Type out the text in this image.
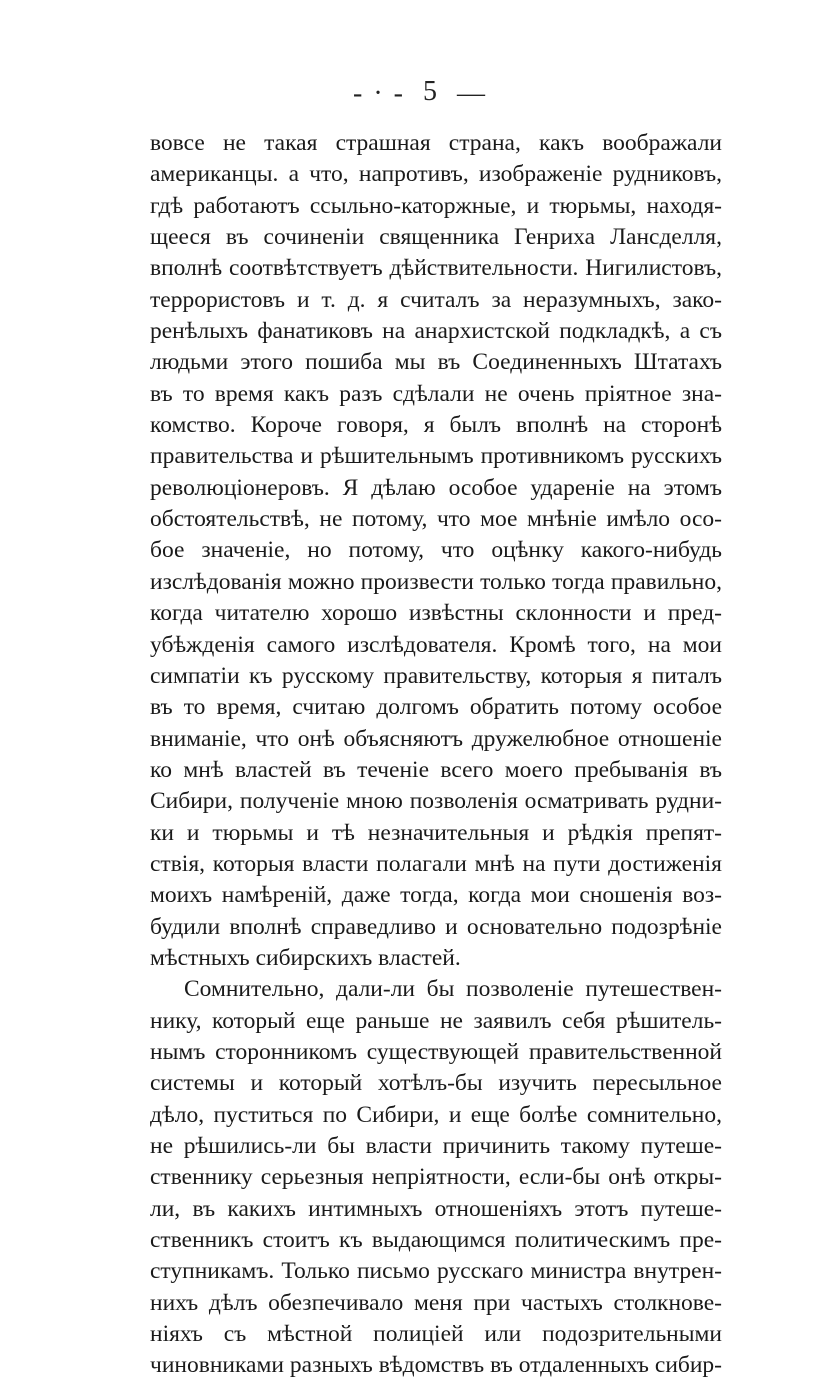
- · - 5 —
вовсе не такая страшная страна, какъ воображали
американцы. а что, напротивъ, изображеніе рудниковъ,
гдѣ работаютъ ссыльно-каторжные, и тюрьмы, находя-
щееся въ сочиненіи священника Генриха Лансделля,
вполнѣ соотвѣтствуетъ дѣйствительности. Нигилистовъ,
террористовъ и т. д. я считалъ за неразумныхъ, зако-
ренѣлыхъ фанатиковъ на анархистской подкладкѣ, а съ
людьми этого пошиба мы въ Соединенныхъ Штатахъ
въ то время какъ разъ сдѣлали не очень пріятное зна-
комство. Короче говоря, я былъ вполнѣ на сторонѣ
правительства и рѣшительнымъ противникомъ русскихъ
революціонеровъ. Я дѣлаю особое удареніе на этомъ
обстоятельствѣ, не потому, что мое мнѣніе имѣло осо-
бое значеніе, но потому, что оцѣнку какого-нибудь
изслѣдованія можно произвести только тогда правильно,
когда читателю хорошо извѣстны склонности и пред-
убѣжденія самого изслѣдователя. Кромѣ того, на мои
симпатіи къ русскому правительству, которыя я питалъ
въ то время, считаю долгомъ обратить потому особое
вниманіе, что онѣ объясняютъ дружелюбное отношеніе
ко мнѣ властей въ теченіе всего моего пребыванія въ
Сибири, полученіе мною позволенія осматривать рудни-
ки и тюрьмы и тѣ незначительныя и рѣдкія препят-
ствія, которыя власти полагали мнѣ на пути достиженія
моихъ намѣреній, даже тогда, когда мои сношенія воз-
будили вполнѣ справедливо и основательно подозрѣніе
мѣстныхъ сибирскихъ властей.
Сомнительно, дали-ли бы позволеніе путешествен-
нику, который еще раньше не заявилъ себя рѣшитель-
нымъ сторонникомъ существующей правительственной
системы и который хотѣлъ-бы изучить пересыльное
дѣло, пуститься по Сибири, и еще болѣе сомнительно,
не рѣшились-ли бы власти причинить такому путеше-
ственнику серьезныя непріятности, если-бы онѣ откры-
ли, въ какихъ интимныхъ отношеніяхъ этотъ путеше-
ственникъ стоитъ къ выдающимся политическимъ пре-
ступникамъ. Только письмо русскаго министра внутрен-
нихъ дѣлъ обезпечивало меня при частыхъ столкнове-
ніяхъ съ мѣстной полиціей или подозрительными
чиновниками разныхъ вѣдомствъ въ отдаленныхъ сибир-
